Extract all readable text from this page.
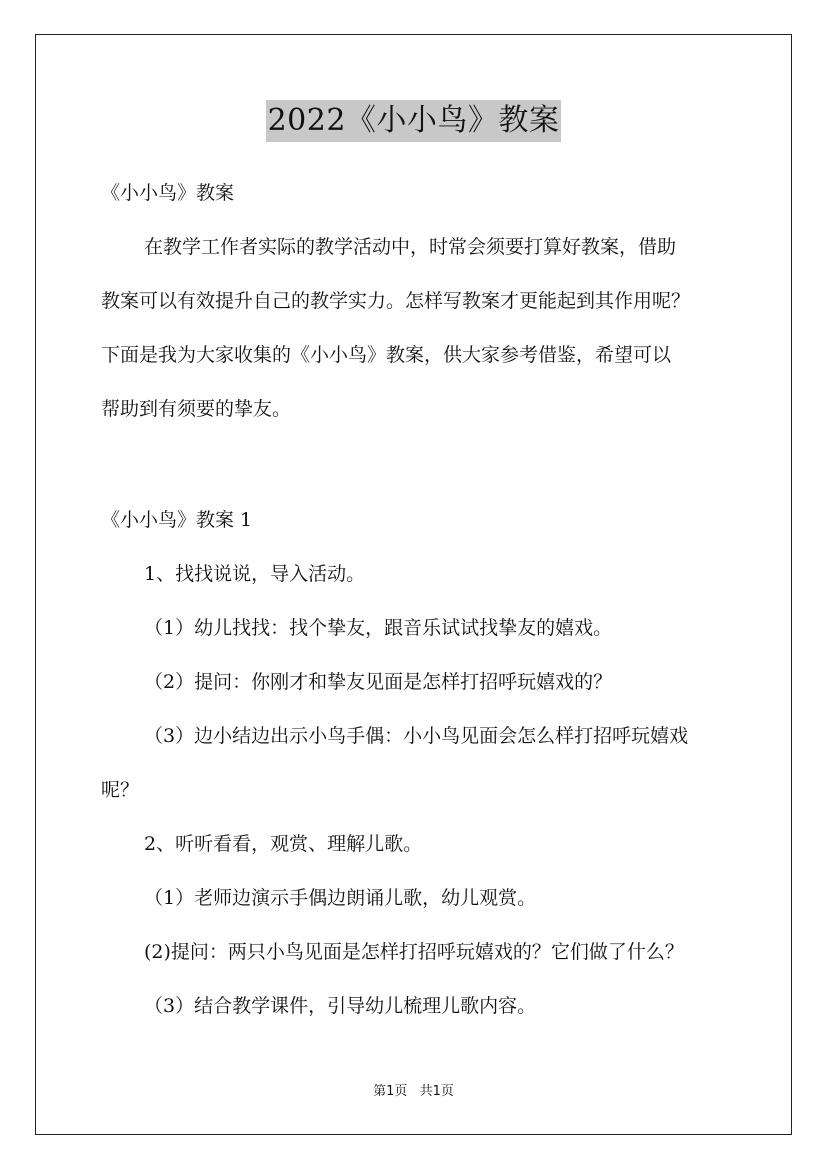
2022《小小鸟》教案
《小小鸟》教案
在教学工作者实际的教学活动中，时常会须要打算好教案，借助
教案可以有效提升自己的教学实力。怎样写教案才更能起到其作用呢？
下面是我为大家收集的《小小鸟》教案，供大家参考借鉴，希望可以
帮助到有须要的挚友。
《小小鸟》教案 1
1、找找说说，导入活动。
（1）幼儿找找：找个挚友，跟音乐试试找挚友的嬉戏。
（2）提问：你刚才和挚友见面是怎样打招呼玩嬉戏的？
（3）边小结边出示小鸟手偶：小小鸟见面会怎么样打招呼玩嬉戏
呢？
2、听听看看，观赏、理解儿歌。
（1）老师边演示手偶边朗诵儿歌，幼儿观赏。
(2)提问：两只小鸟见面是怎样打招呼玩嬉戏的？它们做了什么？
（3）结合教学课件，引导幼儿梳理儿歌内容。
第1页 共1页
